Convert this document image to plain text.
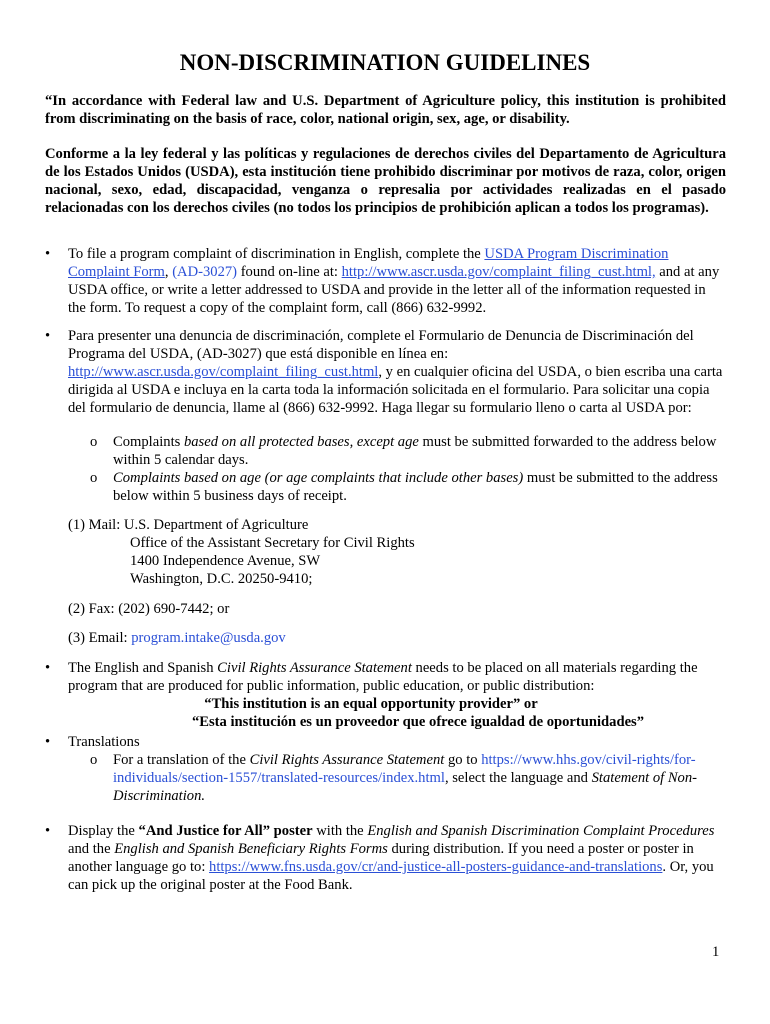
NON-DISCRIMINATION GUIDELINES
“In accordance with Federal law and U.S. Department of Agriculture policy, this institution is prohibited from discriminating on the basis of race, color, national origin, sex, age, or disability.
Conforme a la ley federal y las políticas y regulaciones de derechos civiles del Departamento de Agricultura de los Estados Unidos (USDA), esta institución tiene prohibido discriminar por motivos de raza, color, origen nacional, sexo, edad, discapacidad, venganza o represalia por actividades realizadas en el pasado relacionadas con los derechos civiles (no todos los principios de prohibición aplican a todos los programas).
•	To file a program complaint of discrimination in English, complete the USDA Program Discrimination Complaint Form, (AD-3027) found on-line at: http://www.ascr.usda.gov/complaint_filing_cust.html, and at any USDA office, or write a letter addressed to USDA and provide in the letter all of the information requested in the form. To request a copy of the complaint form, call (866) 632-9992.
•	Para presenter una denuncia de discriminación, complete el Formulario de Denuncia de Discriminación del Programa del USDA, (AD-3027) que está disponible en línea en: http://www.ascr.usda.gov/complaint_filing_cust.html, y en cualquier oficina del USDA, o bien escriba una carta dirigida al USDA e incluya en la carta toda la información solicitada en el formulario. Para solicitar una copia del formulario de denuncia, llame al (866) 632-9992. Haga llegar su formulario lleno o carta al USDA por:
o Complaints based on all protected bases, except age must be submitted forwarded to the address below within 5 calendar days.
o Complaints based on age (or age complaints that include other bases) must be submitted to the address below within 5 business days of receipt.
(1) Mail: U.S. Department of Agriculture
Office of the Assistant Secretary for Civil Rights
1400 Independence Avenue, SW
Washington, D.C. 20250-9410;
(2) Fax: (202) 690-7442; or
(3) Email: program.intake@usda.gov
•	The English and Spanish Civil Rights Assurance Statement needs to be placed on all materials regarding the program that are produced for public information, public education, or public distribution:
“This institution is an equal opportunity provider” or
“Esta institución es un proveedor que ofrece igualdad de oportunidades”
•	Translations
o For a translation of the Civil Rights Assurance Statement go to https://www.hhs.gov/civil-rights/for-individuals/section-1557/translated-resources/index.html, select the language and Statement of Non-Discrimination.
•	Display the “And Justice for All” poster with the English and Spanish Discrimination Complaint Procedures and the English and Spanish Beneficiary Rights Forms during distribution. If you need a poster or poster in another language go to: https://www.fns.usda.gov/cr/and-justice-all-posters-guidance-and-translations. Or, you can pick up the original poster at the Food Bank.
1
